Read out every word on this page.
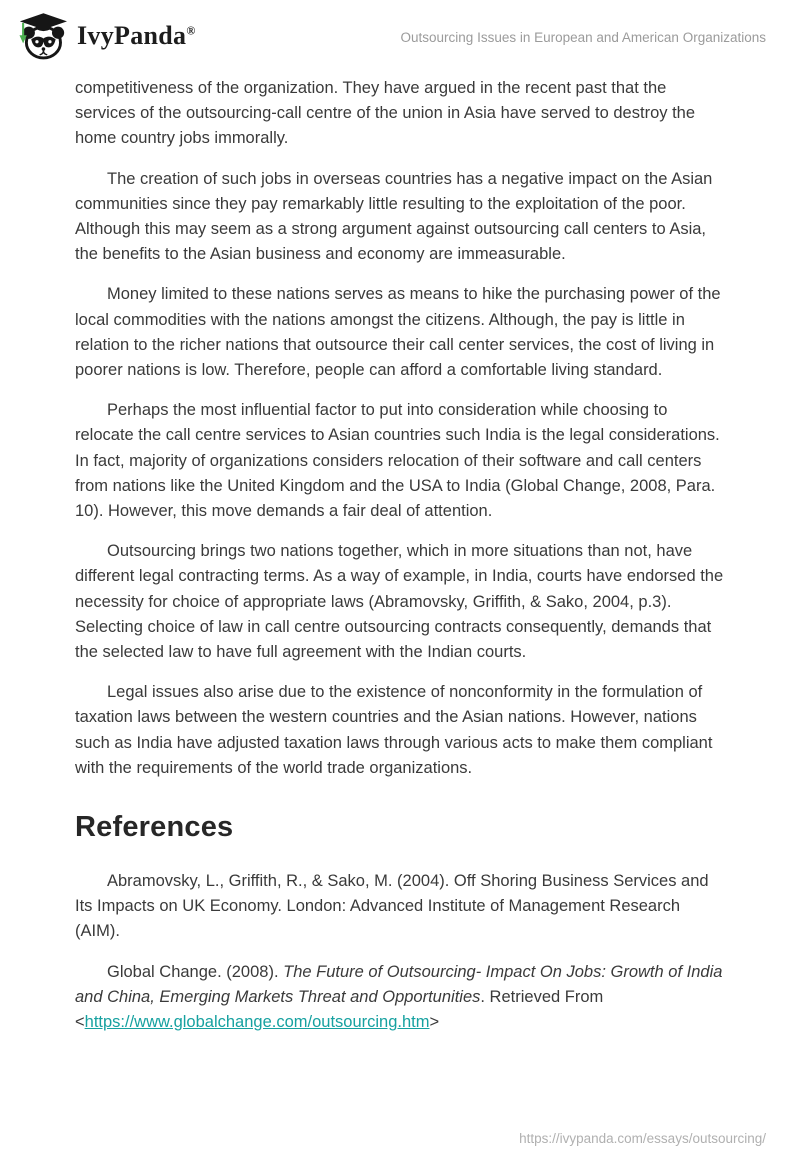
IvyPanda®	Outsourcing Issues in European and American Organizations

competitiveness of the organization. They have argued in the recent past that the services of the outsourcing-call centre of the union in Asia have served to destroy the home country jobs immorally.

The creation of such jobs in overseas countries has a negative impact on the Asian communities since they pay remarkably little resulting to the exploitation of the poor. Although this may seem as a strong argument against outsourcing call centers to Asia, the benefits to the Asian business and economy are immeasurable.

Money limited to these nations serves as means to hike the purchasing power of the local commodities with the nations amongst the citizens. Although, the pay is little in relation to the richer nations that outsource their call center services, the cost of living in poorer nations is low. Therefore, people can afford a comfortable living standard.

Perhaps the most influential factor to put into consideration while choosing to relocate the call centre services to Asian countries such India is the legal considerations. In fact, majority of organizations considers relocation of their software and call centers from nations like the United Kingdom and the USA to India (Global Change, 2008, Para. 10). However, this move demands a fair deal of attention.

Outsourcing brings two nations together, which in more situations than not, have different legal contracting terms. As a way of example, in India, courts have endorsed the necessity for choice of appropriate laws (Abramovsky, Griffith, & Sako, 2004, p.3). Selecting choice of law in call centre outsourcing contracts consequently, demands that the selected law to have full agreement with the Indian courts.

Legal issues also arise due to the existence of nonconformity in the formulation of taxation laws between the western countries and the Asian nations. However, nations such as India have adjusted taxation laws through various acts to make them compliant with the requirements of the world trade organizations.

References

Abramovsky, L., Griffith, R., & Sako, M. (2004). Off Shoring Business Services and Its Impacts on UK Economy. London: Advanced Institute of Management Research (AIM).

Global Change. (2008). The Future of Outsourcing- Impact On Jobs: Growth of India and China, Emerging Markets Threat and Opportunities. Retrieved From <https://www.globalchange.com/outsourcing.htm>

https://ivypanda.com/essays/outsourcing/
